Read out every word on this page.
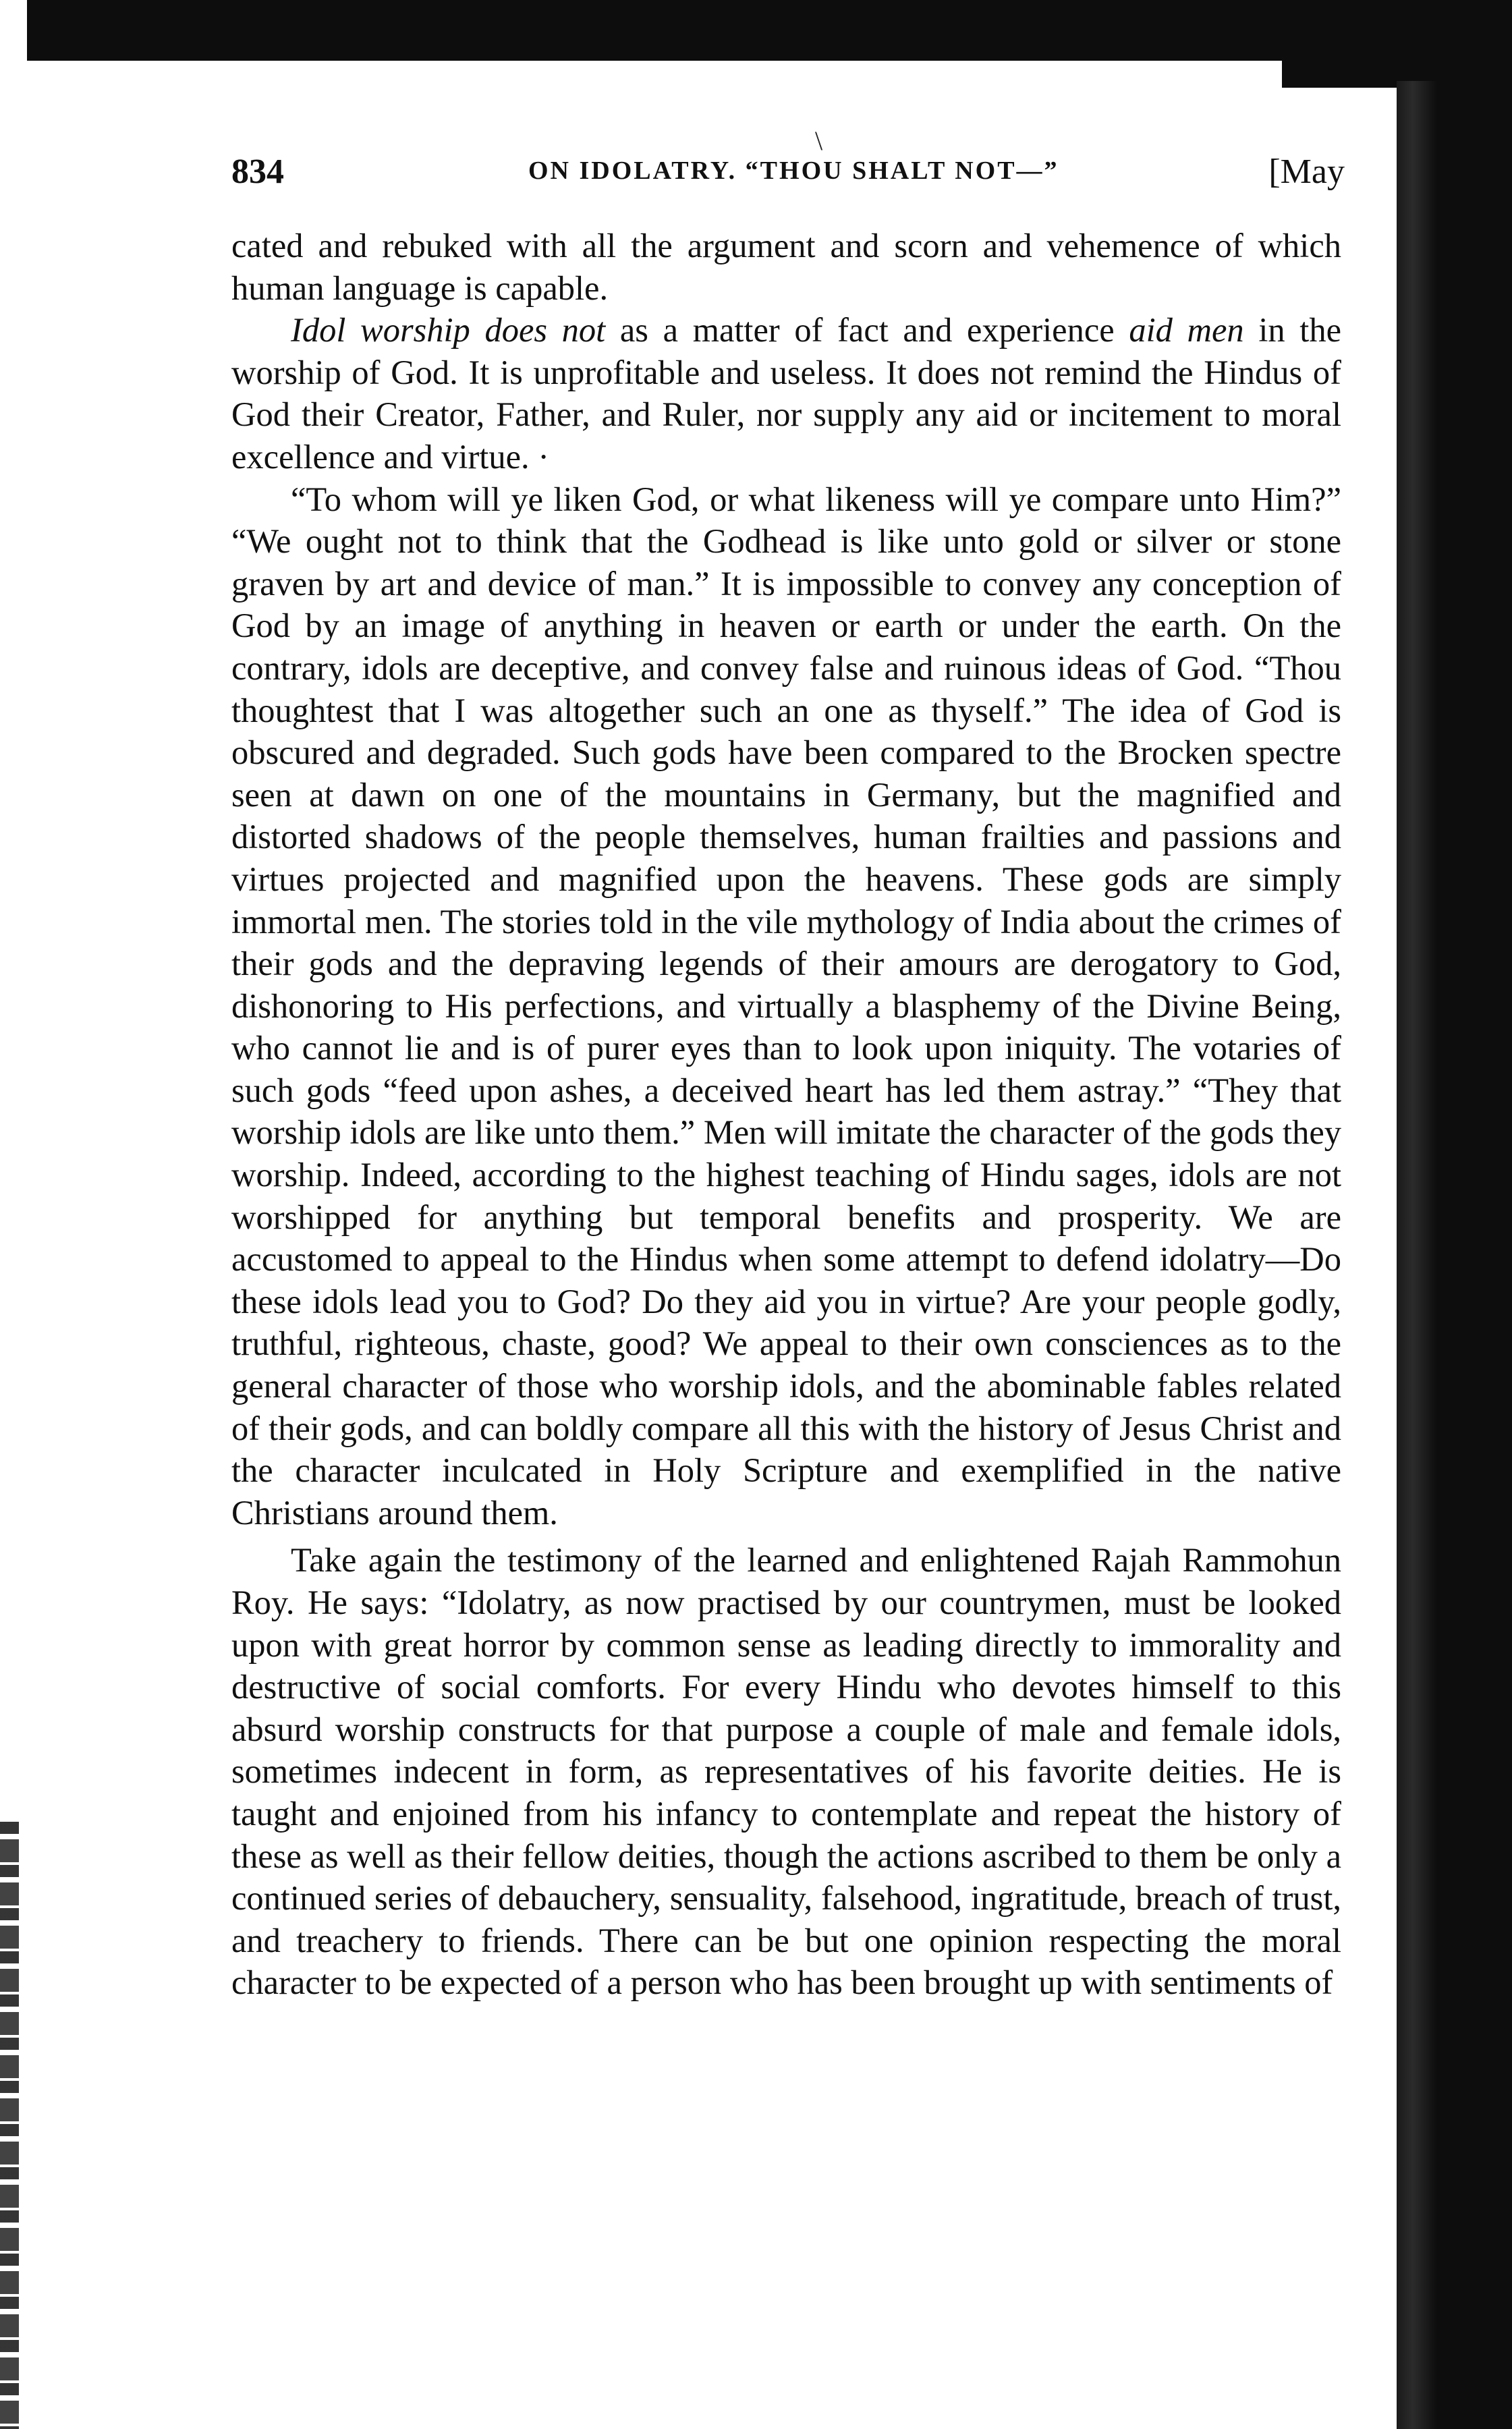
\
834	ON IDOLATRY. “THOU SHALT NOT—”	[May

cated and rebuked with all the argument and scorn and vehemence of which human language is capable.

Idol worship does not as a matter of fact and experience aid men in the worship of God. It is unprofitable and useless. It does not remind the Hindus of God their Creator, Father, and Ruler, nor supply any aid or incitement to moral excellence and virtue. ·

“To whom will ye liken God, or what likeness will ye compare unto Him?” “We ought not to think that the Godhead is like unto gold or silver or stone graven by art and device of man.” It is impossible to convey any conception of God by an image of anything in heaven or earth or under the earth. On the contrary, idols are deceptive, and convey false and ruinous ideas of God. “Thou thoughtest that I was altogether such an one as thyself.” The idea of God is obscured and degraded. Such gods have been compared to the Brocken spectre seen at dawn on one of the mountains in Germany, but the magnified and distorted shadows of the people themselves, human frailties and passions and virtues projected and magnified upon the heavens. These gods are simply immortal men. The stories told in the vile mythology of India about the crimes of their gods and the depraving legends of their amours are derogatory to God, dishonoring to His perfections, and virtually a blasphemy of the Divine Being, who cannot lie and is of purer eyes than to look upon iniquity. The votaries of such gods “feed upon ashes, a deceived heart has led them astray.” “They that worship idols are like unto them.” Men will imitate the character of the gods they worship. Indeed, according to the highest teaching of Hindu sages, idols are not worshipped for anything but temporal benefits and prosperity. We are accustomed to appeal to the Hindus when some attempt to defend idolatry—Do these idols lead you to God? Do they aid you in virtue? Are your people godly, truthful, righteous, chaste, good? We appeal to their own consciences as to the general character of those who worship idols, and the abominable fables related of their gods, and can boldly compare all this with the history of Jesus Christ and the character inculcated in Holy Scripture and exemplified in the native Christians around them.

Take again the testimony of the learned and enlightened Rajah Rammohun Roy. He says: “Idolatry, as now practised by our countrymen, must be looked upon with great horror by common sense as leading directly to immorality and destructive of social comforts. For every Hindu who devotes himself to this absurd worship constructs for that purpose a couple of male and female idols, sometimes indecent in form, as representatives of his favorite deities. He is taught and enjoined from his infancy to contemplate and repeat the history of these as well as their fellow deities, though the actions ascribed to them be only a continued series of debauchery, sensuality, falsehood, ingratitude, breach of trust, and treachery to friends. There can be but one opinion respecting the moral character to be expected of a person who has been brought up with sentiments of
